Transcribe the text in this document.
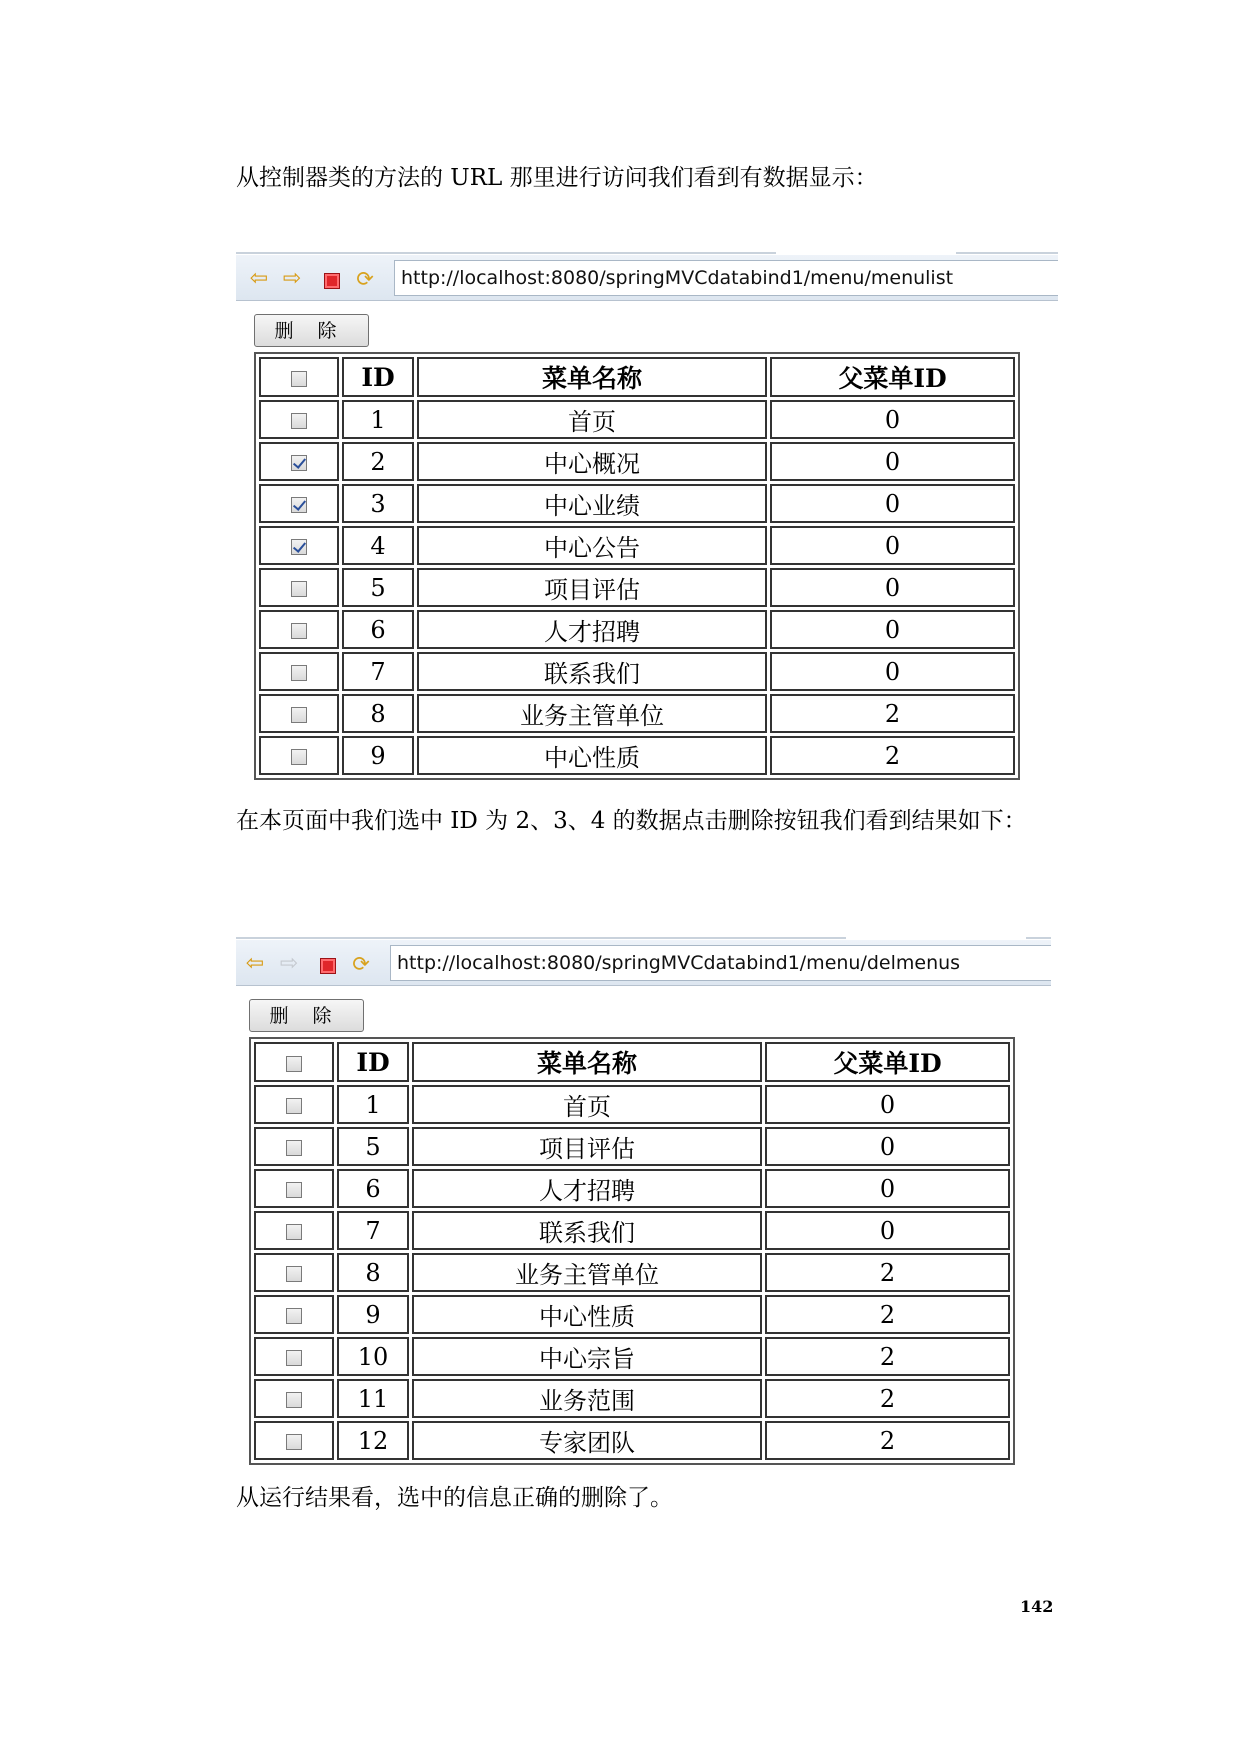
从控制器类的方法的 URL 那里进行访问我们看到有数据显示：

⇦ ⇨	⟳	http://localhost:8080/springMVCdatabind1/menu/menulist
删除
	ID	菜单名称	父菜单ID
	1	首页	0
	2	中心概况	0
	3	中心业绩	0
	4	中心公告	0
	5	项目评估	0
	6	人才招聘	0
	7	联系我们	0
	8	业务主管单位	2
	9	中心性质	2

在本页面中我们选中 ID 为 2、3、4 的数据点击删除按钮我们看到结果如下：

⇦ ⇨	⟳	http://localhost:8080/springMVCdatabind1/menu/delmenus
删除
	ID	菜单名称	父菜单ID
	1	首页	0
	5	项目评估	0
	6	人才招聘	0
	7	联系我们	0
	8	业务主管单位	2
	9	中心性质	2
	10	中心宗旨	2
	11	业务范围	2
	12	专家团队	2

从运行结果看，选中的信息正确的删除了。

142
